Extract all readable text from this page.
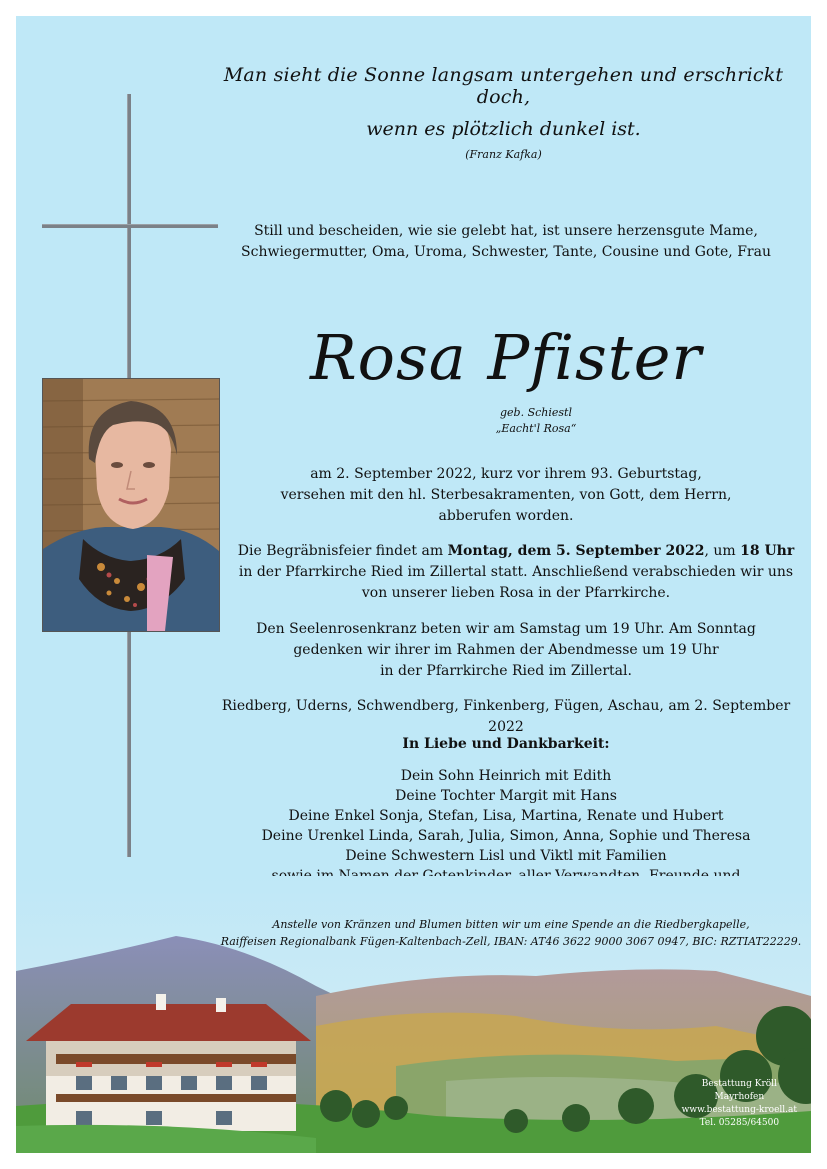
Man sieht die Sonne langsam untergehen und erschrickt doch,
wenn es plötzlich dunkel ist.
(Franz Kafka)
Still und bescheiden, wie sie gelebt hat, ist unsere herzensgute Mame,
Schwiegermutter, Oma, Uroma, Schwester, Tante, Cousine und Gote, Frau
Rosa Pfister
geb. Schiestl
„Eacht'l Rosa“
am 2. September 2022, kurz vor ihrem 93. Geburtstag,
versehen mit den hl. Sterbesakramenten, von Gott, dem Herrn,
abberufen worden.
Die Begräbnisfeier findet am Montag, dem 5. September 2022, um 18 Uhr
in der Pfarrkirche Ried im Zillertal statt. Anschließend verabschieden wir uns
von unserer lieben Rosa in der Pfarrkirche.
Den Seelenrosenkranz beten wir am Samstag um 19 Uhr. Am Sonntag
gedenken wir ihrer im Rahmen der Abendmesse um 19 Uhr
in der Pfarrkirche Ried im Zillertal.
Riedberg, Uderns, Schwendberg, Finkenberg, Fügen, Aschau, am 2. September 2022
In Liebe und Dankbarkeit:
Dein Sohn Heinrich mit Edith
Deine Tochter Margit mit Hans
Deine Enkel Sonja, Stefan, Lisa, Martina, Renate und Hubert
Deine Urenkel Linda, Sarah, Julia, Simon, Anna, Sophie und Theresa
Deine Schwestern Lisl und Viktl mit Familien
Anstelle von Kränzen und Blumen bitten wir um eine Spende an die Riedbergkapelle,
Raiffeisen Regionalbank Fügen-Kaltenbach-Zell, IBAN: AT46 3622 9000 3067 0947, BIC: RZTIAT22229.
Bestattung Kröll
Mayrhofen
www.bestattung-kroell.at
Tel. 05285/64500
